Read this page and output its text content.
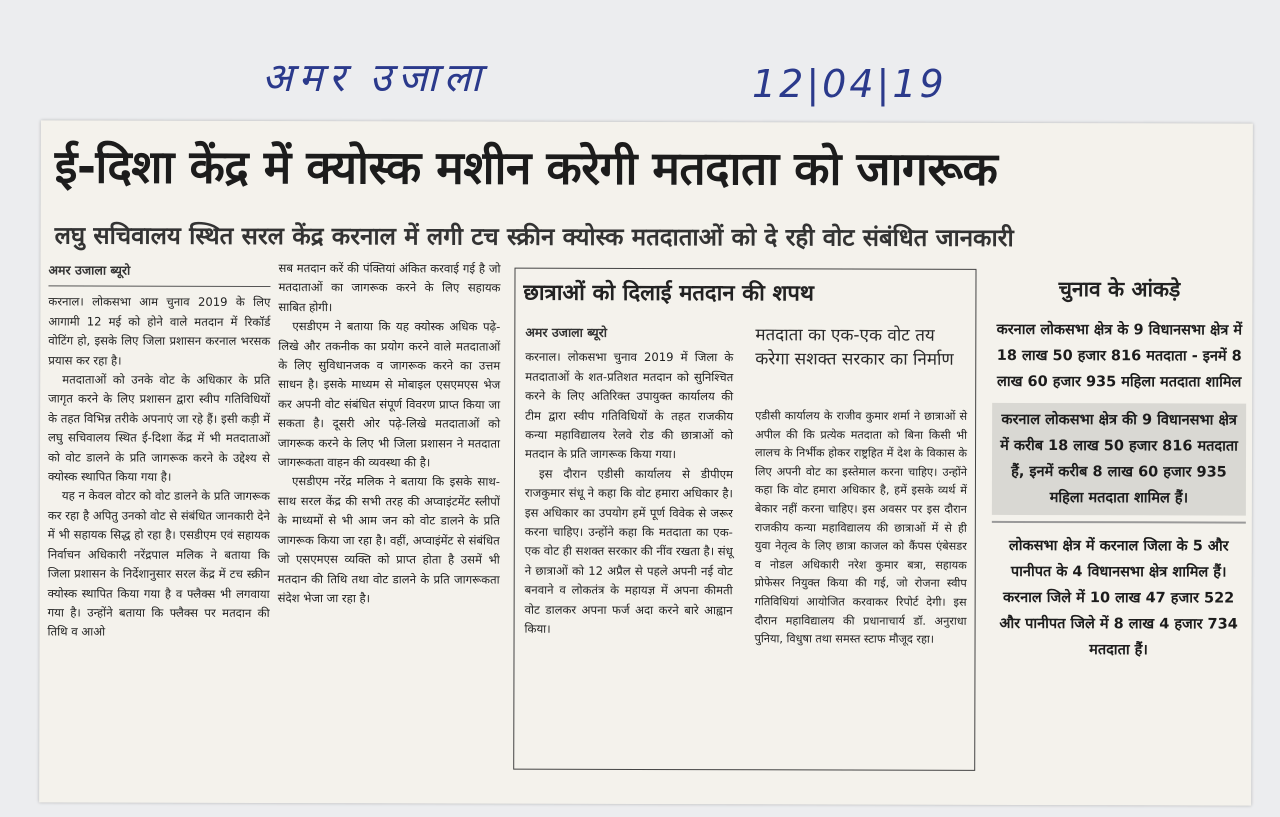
अमर उजाला	12|04|19
ई-दिशा केंद्र में क्योस्क मशीन करेगी मतदाता को जागरूक
लघु सचिवालय स्थित सरल केंद्र करनाल में लगी टच स्क्रीन क्योस्क मतदाताओं को दे रही वोट संबंधित जानकारी
अमर उजाला ब्यूरो

करनाल। लोकसभा आम चुनाव 2019 के लिए आगामी 12 मई को होने वाले मतदान में रिकॉर्ड वोटिंग हो, इसके लिए जिला प्रशासन करनाल भरसक प्रयास कर रहा है।

मतदाताओं को उनके वोट के अधिकार के प्रति जागृत करने के लिए प्रशासन द्वारा स्वीप गतिविधियों के तहत विभिन्न तरीके अपनाएं जा रहे हैं। इसी कड़ी में लघु सचिवालय स्थित ई-दिशा केंद्र में भी मतदाताओं को वोट डालने के प्रति जागरूक करने के उद्देश्य से क्योस्क स्थापित किया गया है।

यह न केवल वोटर को वोट डालने के प्रति जागरूक कर रहा है अपितु उनको वोट से संबंधित जानकारी देने में भी सहायक सिद्ध हो रहा है। एसडीएम एवं सहायक निर्वाचन अधिकारी नरेंद्रपाल मलिक ने बताया कि जिला प्रशासन के निर्देशानुसार सरल केंद्र में टच स्क्रीन क्योस्क स्थापित किया गया है व फ्लैक्स भी लगवाया गया है। उन्होंने बताया कि फ्लैक्स पर मतदान की तिथि व आओ

सब मतदान करें की पंक्तियां अंकित करवाई गई है जो मतदाताओं का जागरूक करने के लिए सहायक साबित होगी।

एसडीएम ने बताया कि यह क्योस्क अधिक पढ़े-लिखे और तकनीक का प्रयोग करने वाले मतदाताओं के लिए सुविधानजक व जागरूक करने का उत्तम साधन है। इसके माध्यम से मोबाइल एसएमएस भेज कर अपनी वोट संबंधित संपूर्ण विवरण प्राप्त किया जा सकता है। दूसरी ओर पढ़े-लिखे मतदाताओं को जागरूक करने के लिए भी जिला प्रशासन ने मतदाता जागरूकता वाहन की व्यवस्था की है।

एसडीएम नरेंद्र मलिक ने बताया कि इसके साथ-साथ सरल केंद्र की सभी तरह की अप्वाइंटमेंट स्लीपों के माध्यमों से भी आम जन को वोट डालने के प्रति जागरूक किया जा रहा है। वहीं, अप्वाइंमेंट से संबंधित जो एसएमएस व्यक्ति को प्राप्त होता है उसमें भी मतदान की तिथि तथा वोट डालने के प्रति जागरूकता संदेश भेजा जा रहा है।

छात्राओं को दिलाई मतदान की शपथ
अमर उजाला ब्यूरो

करनाल। लोकसभा चुनाव 2019 में जिला के मतदाताओं के शत-प्रतिशत मतदान को सुनिश्चित करने के लिए अतिरिक्त उपायुक्त कार्यालय की टीम द्वारा स्वीप गतिविधियों के तहत राजकीय कन्या महाविद्यालय रेलवे रोड की छात्राओं को मतदान के प्रति जागरूक किया गया।

इस दौरान एडीसी कार्यालय से डीपीएम राजकुमार संधू ने कहा कि वोट हमारा अधिकार है। इस अधिकार का उपयोग हमें पूर्ण विवेक से जरूर करना चाहिए। उन्होंने कहा कि मतदाता का एक-एक वोट ही सशक्त सरकार की नींव रखता है। संधू ने छात्राओं को 12 अप्रैल से पहले अपनी नई वोट बनवाने व लोकतंत्र के महायज्ञ में अपना कीमती वोट डालकर अपना फर्ज अदा करने बारे आह्वान किया।

मतदाता का एक-एक वोट तय करेगा सशक्त सरकार का निर्माण

एडीसी कार्यालय के राजीव कुमार शर्मा ने छात्राओं से अपील की कि प्रत्येक मतदाता को बिना किसी भी लालच के निर्भीक होकर राष्ट्रहित में देश के विकास के लिए अपनी वोट का इस्तेमाल करना चाहिए। उन्होंने कहा कि वोट हमारा अधिकार है, हमें इसके व्यर्थ में बेकार नहीं करना चाहिए। इस अवसर पर इस दौरान राजकीय कन्या महाविद्यालय की छात्राओं में से ही युवा नेतृत्व के लिए छात्रा काजल को कैंपस एंबेसडर व नोडल अधिकारी नरेश कुमार बत्रा, सहायक प्रोफेसर नियुक्त किया की गई, जो रोजना स्वीप गतिविधियां आयोजित करवाकर रिपोर्ट देगी। इस दौरान महाविद्यालय की प्रधानाचार्य डॉ. अनुराधा पुनिया, विधुषा तथा समस्त स्टाफ मौजूद रहा।

चुनाव के आंकड़े
करनाल लोकसभा क्षेत्र के 9 विधानसभा क्षेत्र में 18 लाख 50 हजार 816 मतदाता - इनमें 8 लाख 60 हजार 935 महिला मतदाता शामिल
करनाल लोकसभा क्षेत्र की 9 विधानसभा क्षेत्र में करीब 18 लाख 50 हजार 816 मतदाता हैं, इनमें करीब 8 लाख 60 हजार 935 महिला मतदाता शामिल हैं।
लोकसभा क्षेत्र में करनाल जिला के 5 और पानीपत के 4 विधानसभा क्षेत्र शामिल हैं। करनाल जिले में 10 लाख 47 हजार 522 और पानीपत जिले में 8 लाख 4 हजार 734 मतदाता हैं।
